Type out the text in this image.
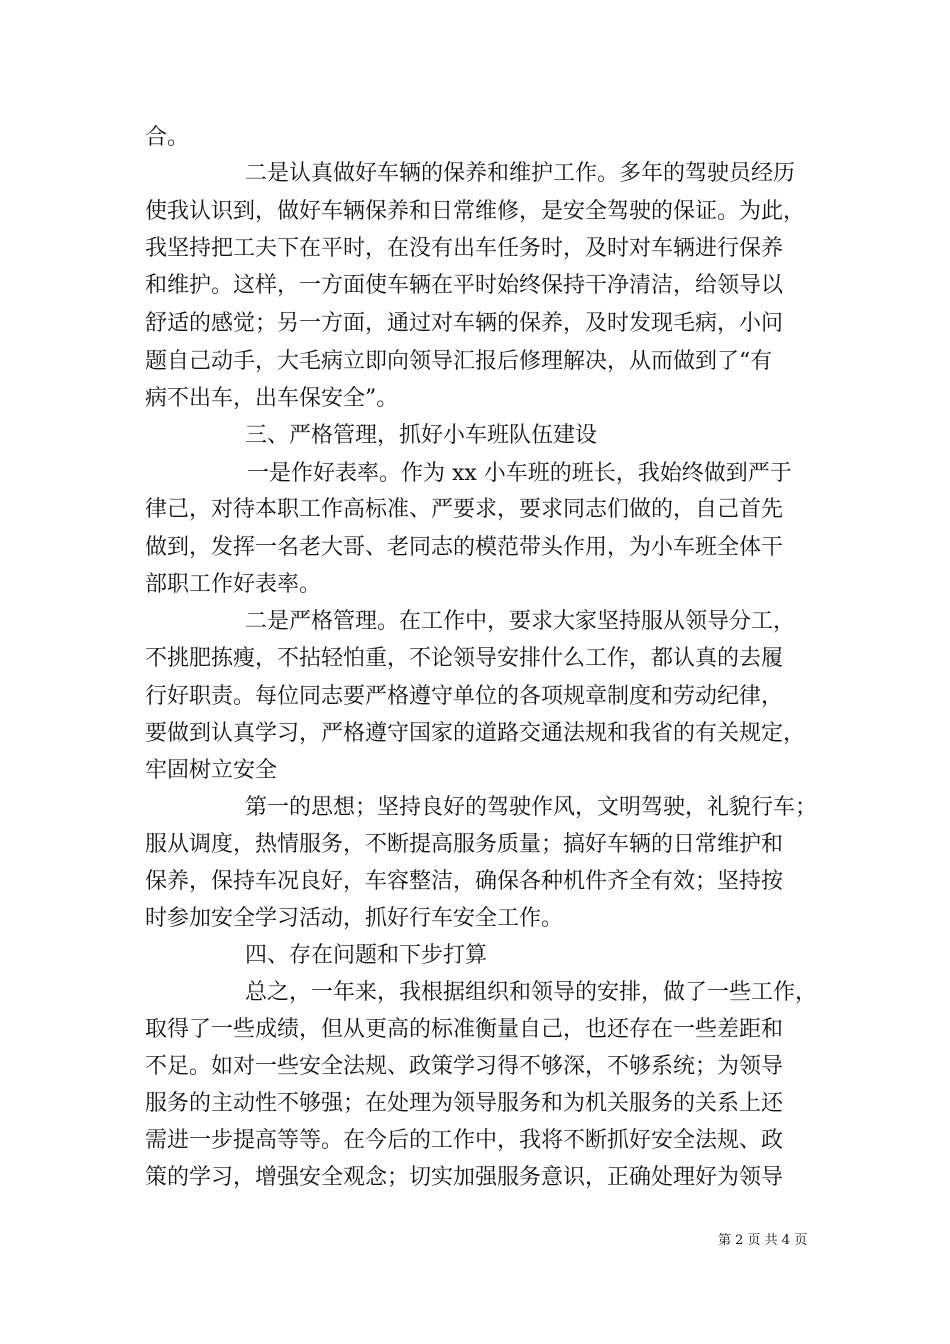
合。
二是认真做好车辆的保养和维护工作。多年的驾驶员经历
使我认识到，做好车辆保养和日常维修，是安全驾驶的保证。为此，
我坚持把工夫下在平时，在没有出车任务时，及时对车辆进行保养
和维护。这样，一方面使车辆在平时始终保持干净清洁，给领导以
舒适的感觉；另一方面，通过对车辆的保养，及时发现毛病，小问
题自己动手，大毛病立即向领导汇报后修理解决，从而做到了“有
病不出车，出车保安全”。
三、严格管理，抓好小车班队伍建设
一是作好表率。作为 xx 小车班的班长，我始终做到严于
律己，对待本职工作高标准、严要求，要求同志们做的，自己首先
做到，发挥一名老大哥、老同志的模范带头作用，为小车班全体干
部职工作好表率。
二是严格管理。在工作中，要求大家坚持服从领导分工，
不挑肥拣瘦，不拈轻怕重，不论领导安排什么工作，都认真的去履
行好职责。每位同志要严格遵守单位的各项规章制度和劳动纪律，
要做到认真学习，严格遵守国家的道路交通法规和我省的有关规定，
牢固树立安全
第一的思想；坚持良好的驾驶作风，文明驾驶，礼貌行车；
服从调度，热情服务，不断提高服务质量；搞好车辆的日常维护和
保养，保持车况良好，车容整洁，确保各种机件齐全有效；坚持按
时参加安全学习活动，抓好行车安全工作。
四、存在问题和下步打算
总之，一年来，我根据组织和领导的安排，做了一些工作，
取得了一些成绩，但从更高的标准衡量自己，也还存在一些差距和
不足。如对一些安全法规、政策学习得不够深，不够系统；为领导
服务的主动性不够强；在处理为领导服务和为机关服务的关系上还
需进一步提高等等。在今后的工作中，我将不断抓好安全法规、政
策的学习，增强安全观念；切实加强服务意识，正确处理好为领导
第 2 页 共 4 页
